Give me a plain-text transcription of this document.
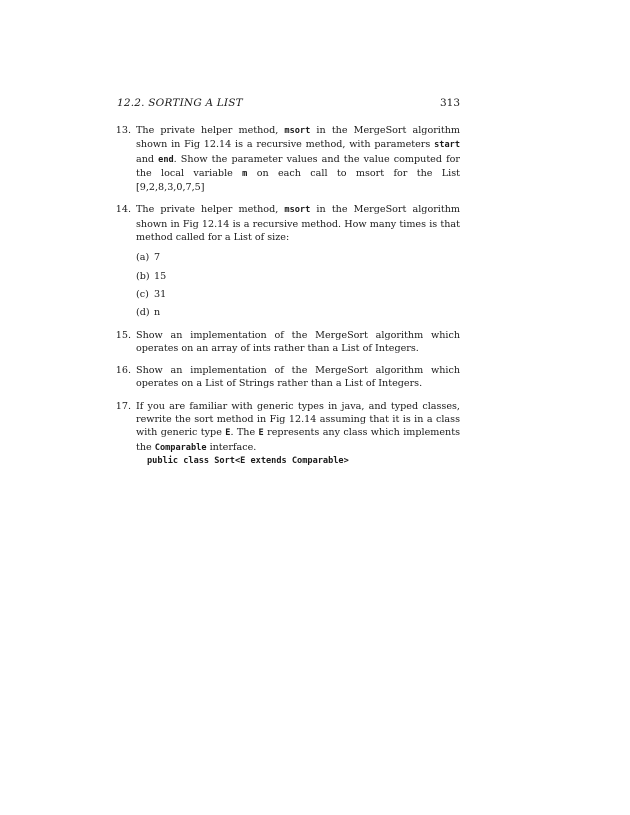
12.2. SORTING A LIST	313
13. The private helper method, msort in the MergeSort algorithm shown in Fig 12.14 is a recursive method, with parameters start and end. Show the parameter values and the value computed for the local variable m on each call to msort for the List [9,2,8,3,0,7,5]
14. The private helper method, msort in the MergeSort algorithm shown in Fig 12.14 is a recursive method. How many times is that method called for a List of size:
(a) 7
(b) 15
(c) 31
(d) n
15. Show an implementation of the MergeSort algorithm which operates on an array of ints rather than a List of Integers.
16. Show an implementation of the MergeSort algorithm which operates on a List of Strings rather than a List of Integers.
17. If you are familiar with generic types in java, and typed classes, rewrite the sort method in Fig 12.14 assuming that it is in a class with generic type E. The E represents any class which implements the Comparable interface.
public class Sort<E extends Comparable>
